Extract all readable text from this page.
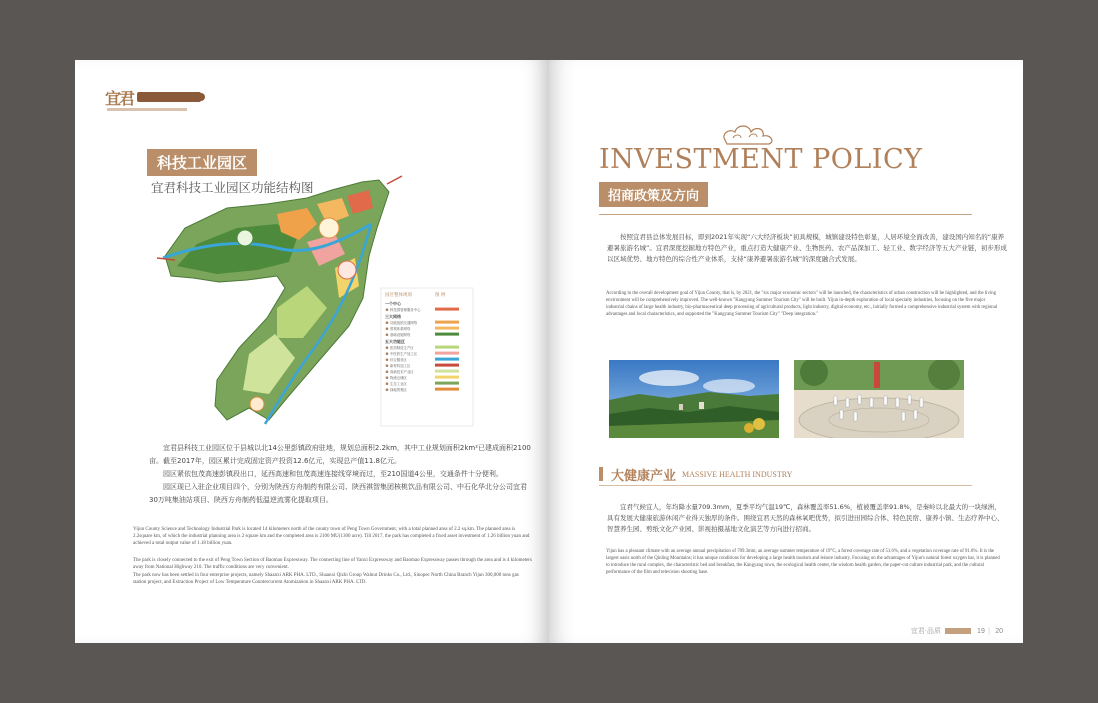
宜君
科技工业园区
宜君科技工业园区功能结构图
园区整体规划	图 例
一个中心
科技园管理服务中心
三大网络
功能组团交通网络
景观体系网络
基础设施网络
五大功能区
医药制造生产区
中医药生产加工区
综合服务区
新材料加工区
高新技术产业区
物流仓储区
生态工业区
绿地景观区

宜君县科技工业园区位于县城以北14公里彭镇政府驻地，规划总面积2.2km，其中工业规划面积2km²已建成面积2100亩。截至2017年，园区累计完成固定资产投资12.6亿元，实现总产值11.8亿元。

园区紧依包茂高速彭镇段出口，延西高速和包茂高速连接线穿境而过，至210国道4公里，交通条件十分便利。

园区现已入驻企业项目四个，分别为陕西方舟制药有限公司、陕西祺智集团核桃饮品有限公司、中石化华北分公司宜君30万吨集油站项目、陕西方舟制药低温逆流雾化提取项目。

Yijun County Science and Technology Industrial Park is located 14 kilometers north of the county town of Peng Town Government, with a total planned area of 2.2 sq.km. The planned area is 2.2square km, of which the industrial planning area is 2 square km and the completed area is 2100 MU(1300 acre). Till 2017, the park has completed a fixed asset investment of 1.26 billion yuan and achieved a total output value of 1.18 billion yuan.

The park is closely connected to the exit of Peng Town Section of Baomao Expressway. The connecting line of Yanxi Expressway and Baomao Expressway passes through the area and is 4 kilometers away from National Highway 210. The traffic conditions are very convenient.

The park now has been settled in four enterprise projects, namely Shaanxi ARK PHA. LTD., Shaanxi Qizhi Group Walnut Drinks Co., Ltd., Sinopec North China Branch Yijun 300,000 tons gas station project, and Extraction Project of Low Temperature Countercurrent Atomization in Shaanxi ARK PHA. LTD.

INVESTMENT POLICY
招商政策及方向

按照宜君县总体发展目标，即到2021年实现“六大经济板块”初具规模，城镇建设特色彰显，人居环境全面改善，建设国内知名的“康养避暑旅游名城”。宜君深度挖掘地方特色产业，重点打造大健康产业、生物医药、农产品深加工、轻工业、数字经济等五大产业链，初步形成以区域优势、地方特色的综合性产业体系，支持“康养避暑旅游名城”的深度融合式发展。

According to the overall development goal of Yijun County, that is, by 2021, the "six major economic sectors" will be launched, the characteristics of urban construction will be highlighted, and the living environment will be comprehensively improved. The well-known "Kangyang Summer Tourism City" will be built. Yijun in-depth exploration of local specialty industries, focusing on the five major industrial chains of large health industry, bio-pharmaceutical deep processing of agricultural products, light industry, digital economy, etc., initially formed a comprehensive industrial system with regional advantages and local characteristics, and supported the "Kangyang Summer Tourism City" "Deep integration."

大健康产业 MASSIVE HEALTH INDUSTRY

宜君气候宜人，年均降水量709.3mm，夏季平均气温19℃，森林覆盖率51.6%，植被覆盖率91.8%，是秦岭以北最大的一块绿洲，具有发展大健康旅游休闲产业得天独厚的条件。围绕宜君天然的森林氧吧优势，拟引进田园综合体、特色民宿、康养小镇、生态疗养中心、智慧养生园、剪纸文化产业园、影视拍摄基地文化演艺等方向进行招商。

Yijun has a pleasant climate with an average annual precipitation of 709.3mm, an average summer temperature of 19°C, a forest coverage rate of 51.6%, and a vegetation coverage rate of 91.8%. It is the largest oasis north of the Qinling Mountains; it has unique conditions for developing a large health tourism and leisure industry. Focusing on the advantages of Yijun's natural forest oxygen bar, it is planned to introduce the rural complex, the characteristic bed and breakfast, the Kangyang town, the ecological health center, the wisdom health garden, the paper-cut culture industrial park, and the cultural performance of the film and television shooting base.

宜君·品质	19 | 20
